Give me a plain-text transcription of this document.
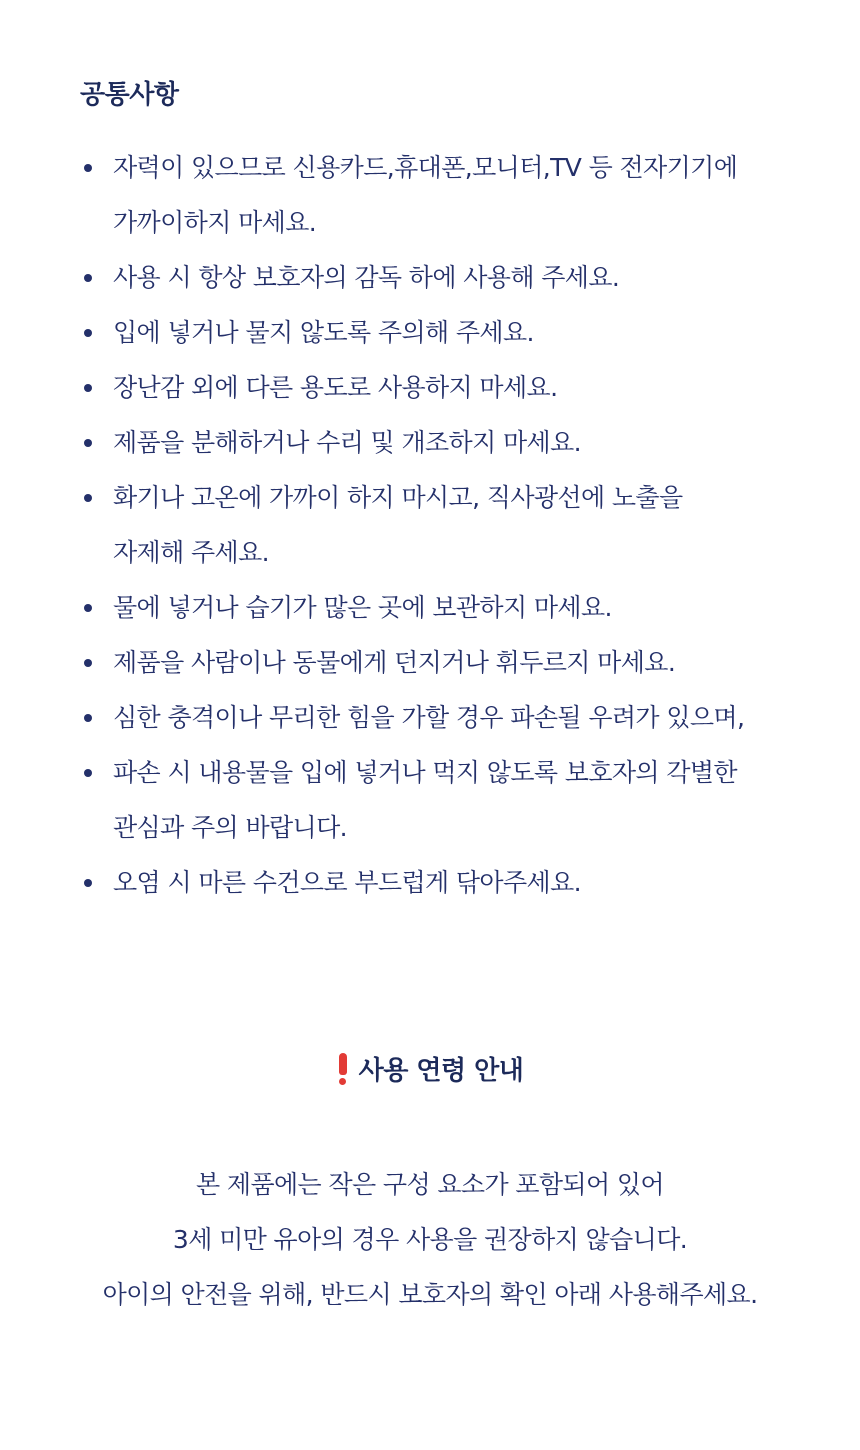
공통사항
자력이 있으므로 신용카드,휴대폰,모니터,TV 등 전자기기에
가까이하지 마세요.
사용 시 항상 보호자의 감독 하에 사용해 주세요.
입에 넣거나 물지 않도록 주의해 주세요.
장난감 외에 다른 용도로 사용하지 마세요.
제품을 분해하거나 수리 및 개조하지 마세요.
화기나 고온에 가까이 하지 마시고, 직사광선에 노출을
자제해 주세요.
물에 넣거나 습기가 많은 곳에 보관하지 마세요.
제품을 사람이나 동물에게 던지거나 휘두르지 마세요.
심한 충격이나 무리한 힘을 가할 경우 파손될 우려가 있으며,
파손 시 내용물을 입에 넣거나 먹지 않도록 보호자의 각별한
관심과 주의 바랍니다.
오염 시 마른 수건으로 부드럽게 닦아주세요.
사용 연령 안내
본 제품에는 작은 구성 요소가 포함되어 있어
3세 미만 유아의 경우 사용을 권장하지 않습니다.
아이의 안전을 위해, 반드시 보호자의 확인 아래 사용해주세요.
